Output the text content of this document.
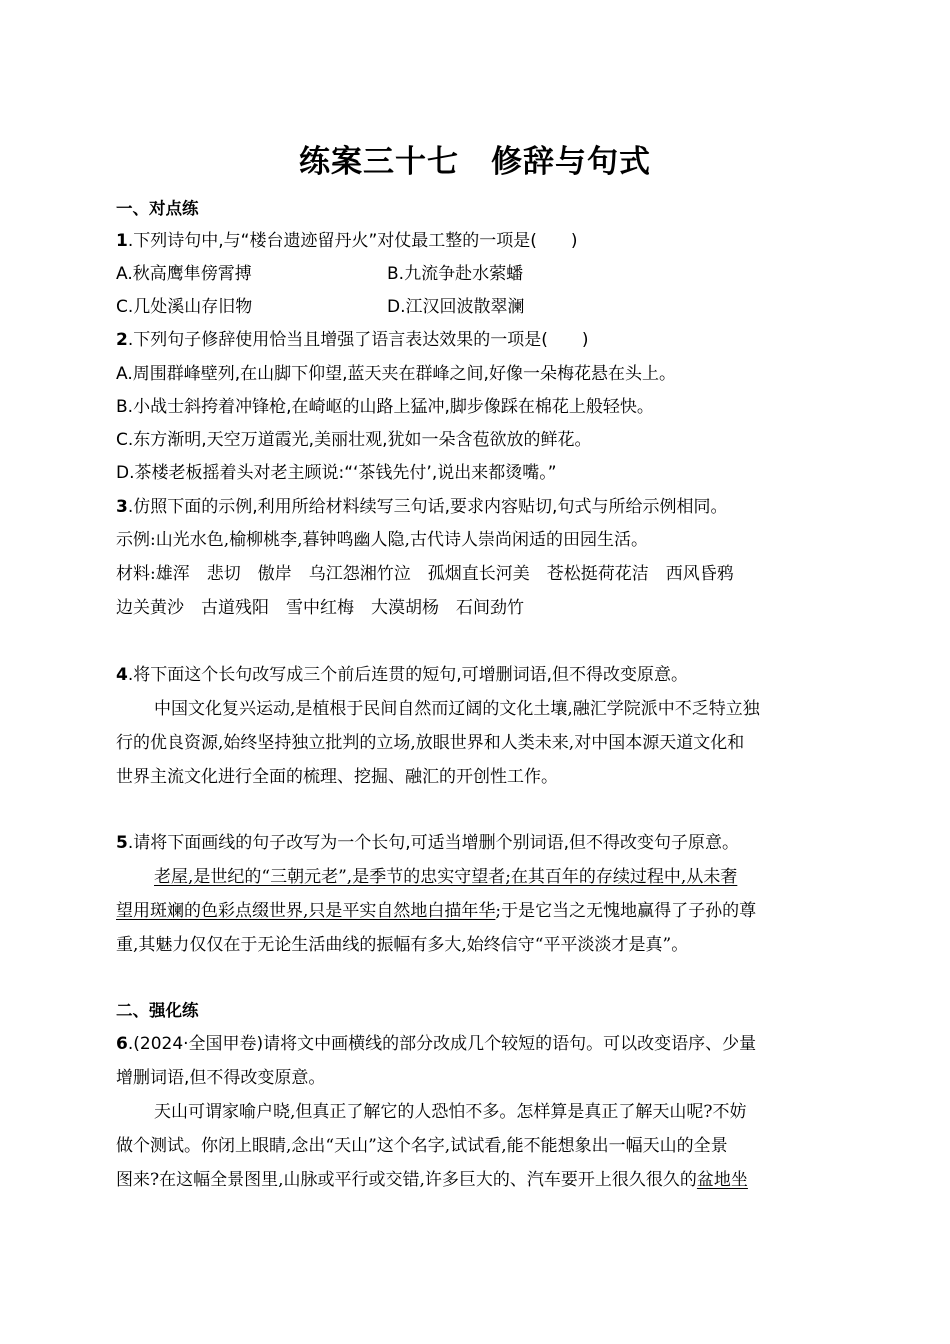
练案三十七　修辞与句式
一、对点练
1.下列诗句中,与“楼台遗迹留丹火”对仗最工整的一项是(　　)
A.秋高鹰隼傍霄搏	B.九流争赴水萦蟠
C.几处溪山存旧物	D.江汉回波散翠澜
2.下列句子修辞使用恰当且增强了语言表达效果的一项是(　　)
A.周围群峰壁列,在山脚下仰望,蓝天夹在群峰之间,好像一朵梅花悬在头上。
B.小战士斜挎着冲锋枪,在崎岖的山路上猛冲,脚步像踩在棉花上般轻快。
C.东方渐明,天空万道霞光,美丽壮观,犹如一朵含苞欲放的鲜花。
D.茶楼老板摇着头对老主顾说:“‘茶钱先付’,说出来都烫嘴。”
3.仿照下面的示例,利用所给材料续写三句话,要求内容贴切,句式与所给示例相同。
示例:山光水色,榆柳桃李,暮钟鸣幽人隐,古代诗人崇尚闲适的田园生活。
材料:雄浑　悲切　傲岸　乌江怨湘竹泣　孤烟直长河美　苍松挺荷花洁　西风昏鸦
边关黄沙　古道残阳　雪中红梅　大漠胡杨　石间劲竹
4.将下面这个长句改写成三个前后连贯的短句,可增删词语,但不得改变原意。
中国文化复兴运动,是植根于民间自然而辽阔的文化土壤,融汇学院派中不乏特立独
行的优良资源,始终坚持独立批判的立场,放眼世界和人类未来,对中国本源天道文化和
世界主流文化进行全面的梳理、挖掘、融汇的开创性工作。
5.请将下面画线的句子改写为一个长句,可适当增删个别词语,但不得改变句子原意。
老屋,是世纪的“三朝元老”,是季节的忠实守望者;在其百年的存续过程中,从未奢
望用斑斓的色彩点缀世界,只是平实自然地白描年华;于是它当之无愧地赢得了子孙的尊
重,其魅力仅仅在于无论生活曲线的振幅有多大,始终信守“平平淡淡才是真”。
二、强化练
6.(2024·全国甲卷)请将文中画横线的部分改成几个较短的语句。可以改变语序、少量
增删词语,但不得改变原意。
天山可谓家喻户晓,但真正了解它的人恐怕不多。怎样算是真正了解天山呢?不妨
做个测试。你闭上眼睛,念出“天山”这个名字,试试看,能不能想象出一幅天山的全景
图来?在这幅全景图里,山脉或平行或交错,许多巨大的、汽车要开上很久很久的盆地坐
